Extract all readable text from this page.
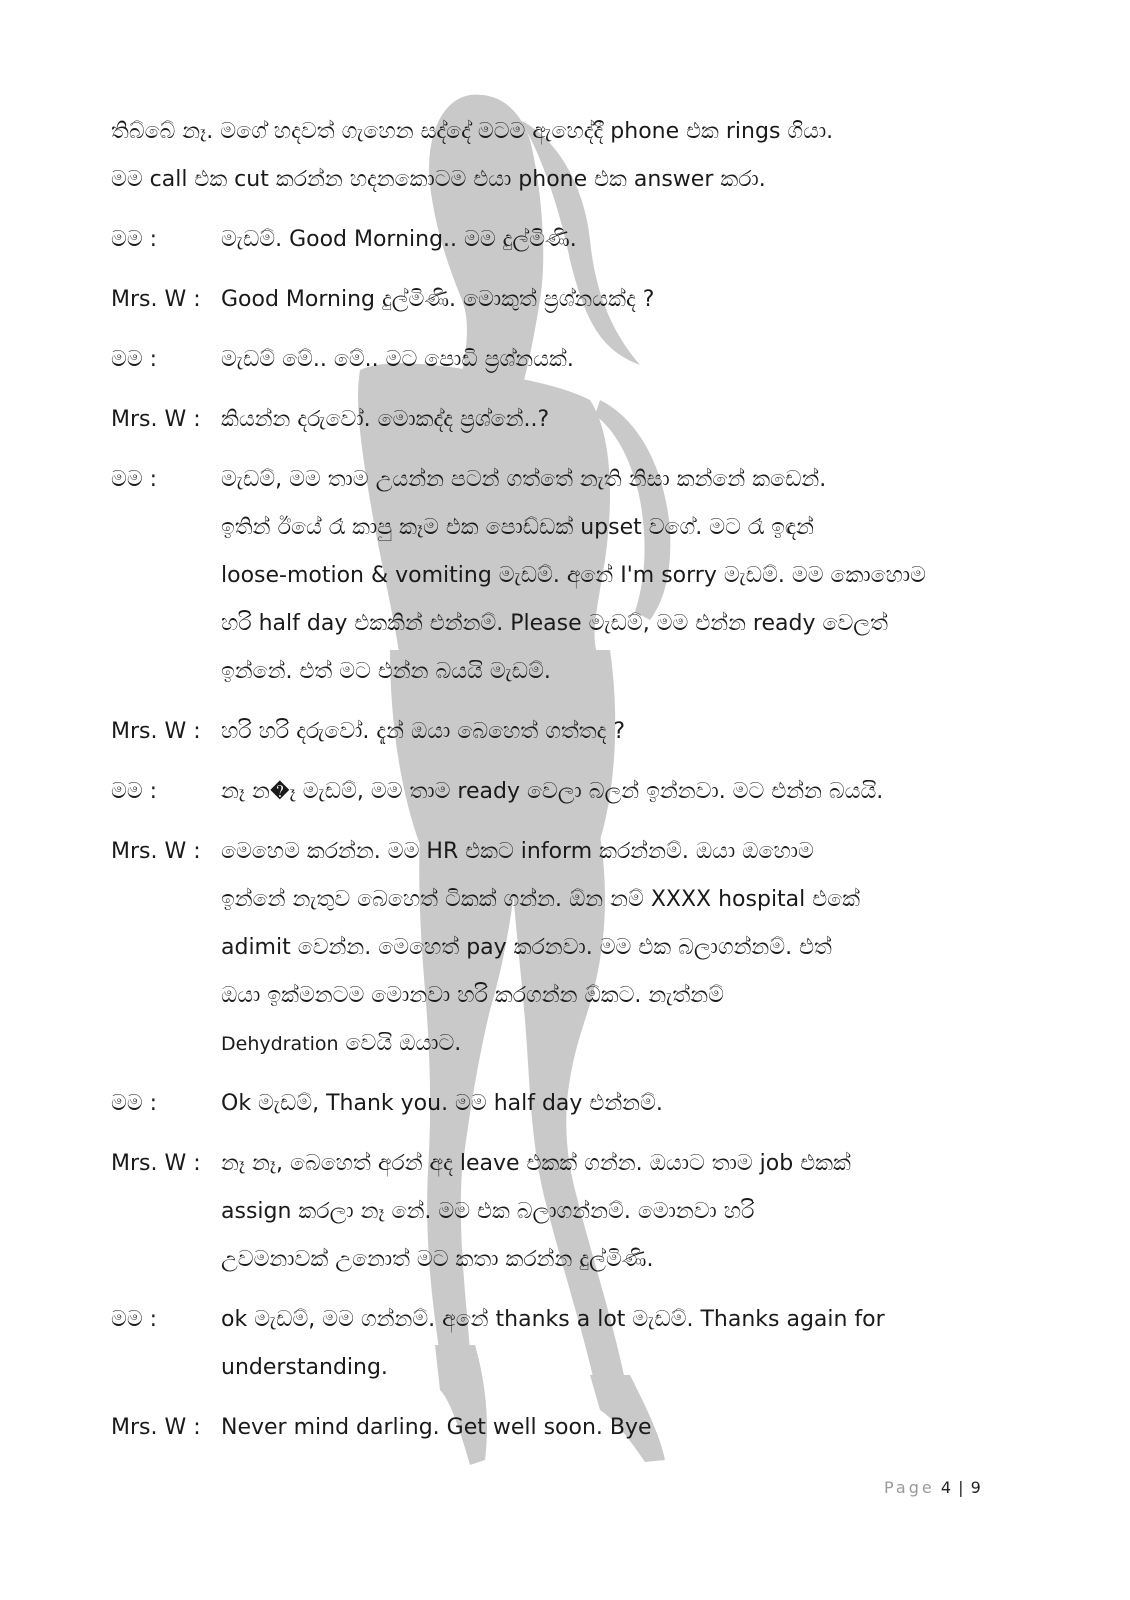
තිබ්බේ නෑ. මගේ හදවත් ගැහෙන සද්දේ මටම ඇහෙද්දී phone එක rings ගියා.
මම call එක cut කරන්න හදනකොටම එයා phone එක answer කරා.
මම :	මැඩම්. Good Morning.. මම දුල්මිණි.
Mrs. W : Good Morning දුල්මිණි. මොකුත් ප්‍රශ්නයක්ද ?
මම :	මැඩම් මේ.. මේ.. මට පොඩි ප්‍රශ්නයක්.
Mrs. W : කියන්න දරුවෝ. මොකද්ද ප්‍රශ්නේ..?
මම :	මැඩම්, මම තාම උයන්න පටන් ගත්තේ නැති නිසා කන්නේ කඩෙන්.
ඉතින් ඊයේ රෑ කාපු කෑම එක පොඩ්ඩක් upset වගේ. මට රෑ ඉඳන්
loose-motion & vomiting මැඩම්. අනේ I'm sorry මැඩම්. මම කොහොම
හරි half day එකකින් එන්නම්. Please මැඩම්, මම එන්න ready වෙලත්
ඉන්නේ. එත් මට එන්න බයයි මැඩම්.
Mrs. W : හරි හරි දරුවෝ. දැන් ඔයා බෙහෙත් ගත්තද ?
මම :	නෑ න�ෑ මැඩම්, මම තාම ready වෙලා බලන් ඉන්නවා. මට එන්න බයයි.
Mrs. W : මෙහෙම කරන්න. මම HR එකට inform කරන්නම්. ඔයා ඔහොම
ඉන්නේ නැතුව බෙහෙත් ටිකක් ගන්න. ඕන නම් XXXX hospital එකේ
adimit වෙන්න. මෙහෙත් pay කරනවා. මම එක බලාගන්නම්. එත්
ඔයා ඉක්මනටම මොනවා හරි කරගන්න ඕකට. නැත්නම්
Dehydration වෙයි ඔයාට.
මම :	Ok මැඩම්, Thank you. මම half day එන්නම්.
Mrs. W : නෑ නෑ, බෙහෙත් අරන් අද leave එකක් ගන්න. ඔයාට තාම job එකක්
assign කරලා නෑ නේ. මම එක බලාගන්නම්. මොනවා හරි
උවමනාවක් උනොත් මට කතා කරන්න දුල්මිණි.
මම :	ok මැඩම්, මම ගන්නම්. අනේ thanks a lot මැඩම්. Thanks again for
understanding.
Mrs. W : Never mind darling. Get well soon. Bye
Page 4 | 9
